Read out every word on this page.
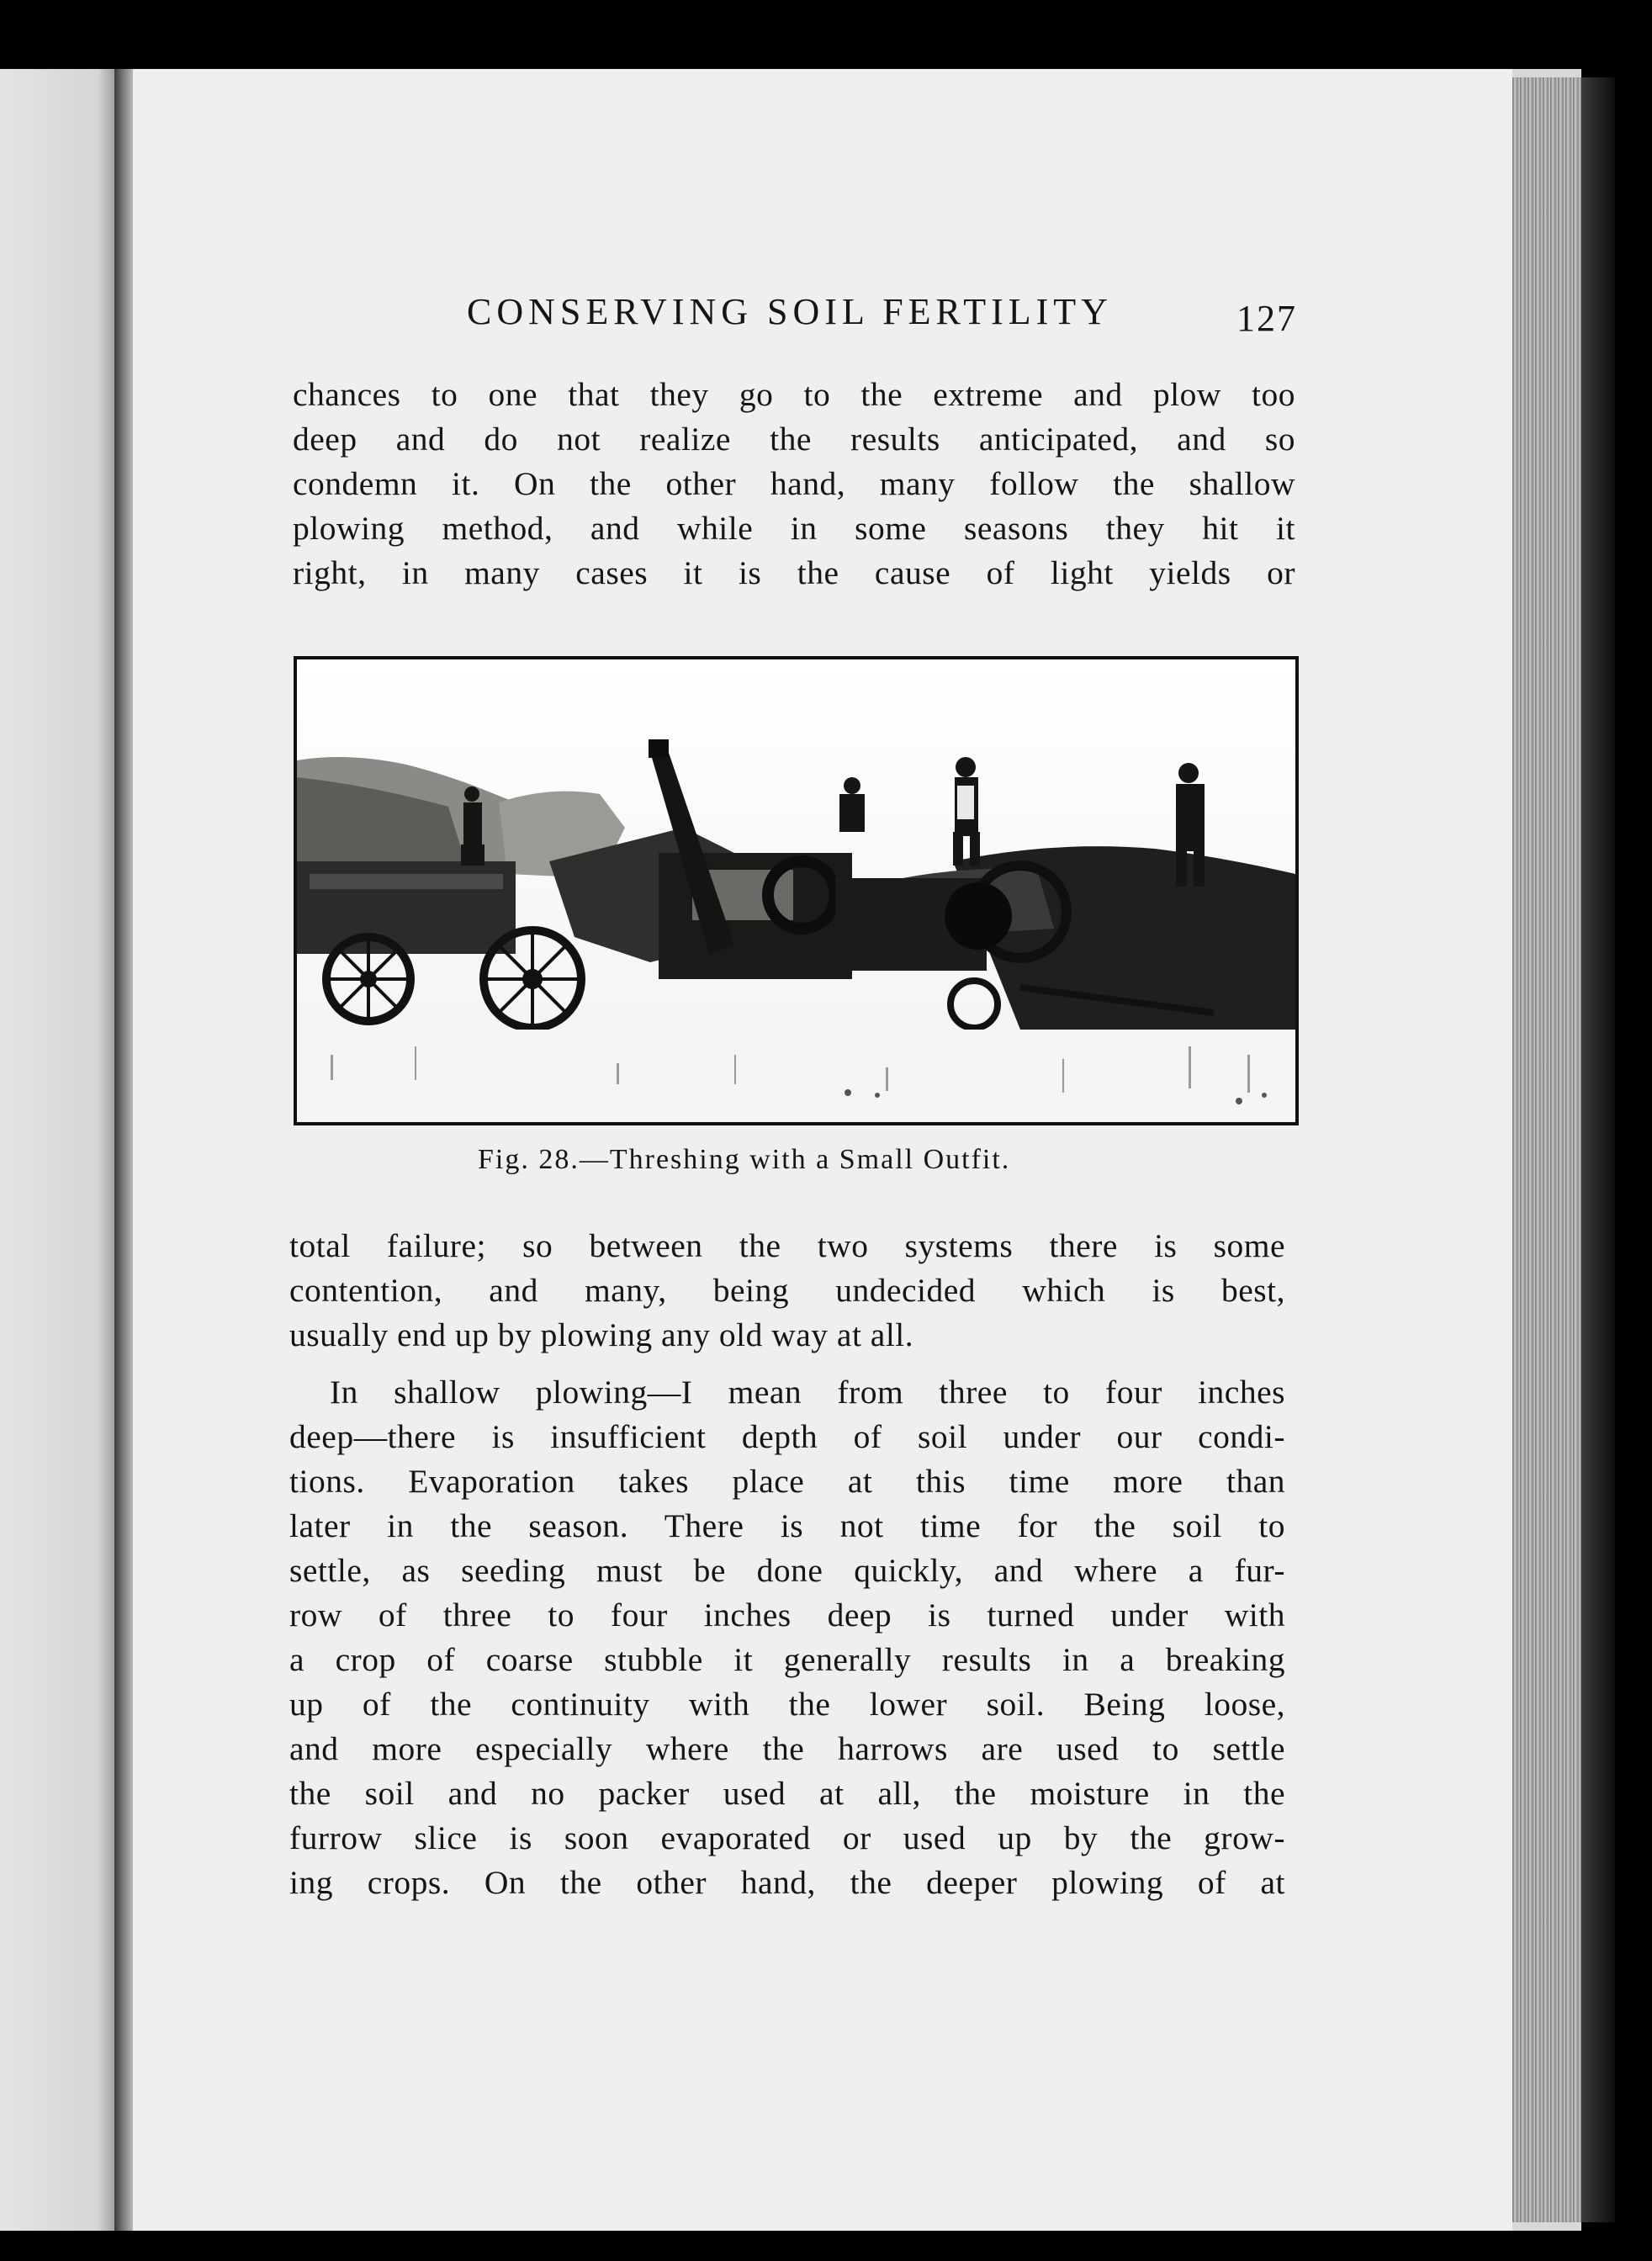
CONSERVING SOIL FERTILITY	127
chances to one that they go to the extreme and plow too
deep and do not realize the results anticipated, and so
condemn it. On the other hand, many follow the shallow
plowing method, and while in some seasons they hit it
right, in many cases it is the cause of light yields or
Fig. 28.—Threshing with a Small Outfit.
total failure; so between the two systems there is some
contention, and many, being undecided which is best,
usually end up by plowing any old way at all.
In shallow plowing—I mean from three to four inches
deep—there is insufficient depth of soil under our condi-
tions. Evaporation takes place at this time more than
later in the season. There is not time for the soil to
settle, as seeding must be done quickly, and where a fur-
row of three to four inches deep is turned under with
a crop of coarse stubble it generally results in a breaking
up of the continuity with the lower soil. Being loose,
and more especially where the harrows are used to settle
the soil and no packer used at all, the moisture in the
furrow slice is soon evaporated or used up by the grow-
ing crops. On the other hand, the deeper plowing of at
